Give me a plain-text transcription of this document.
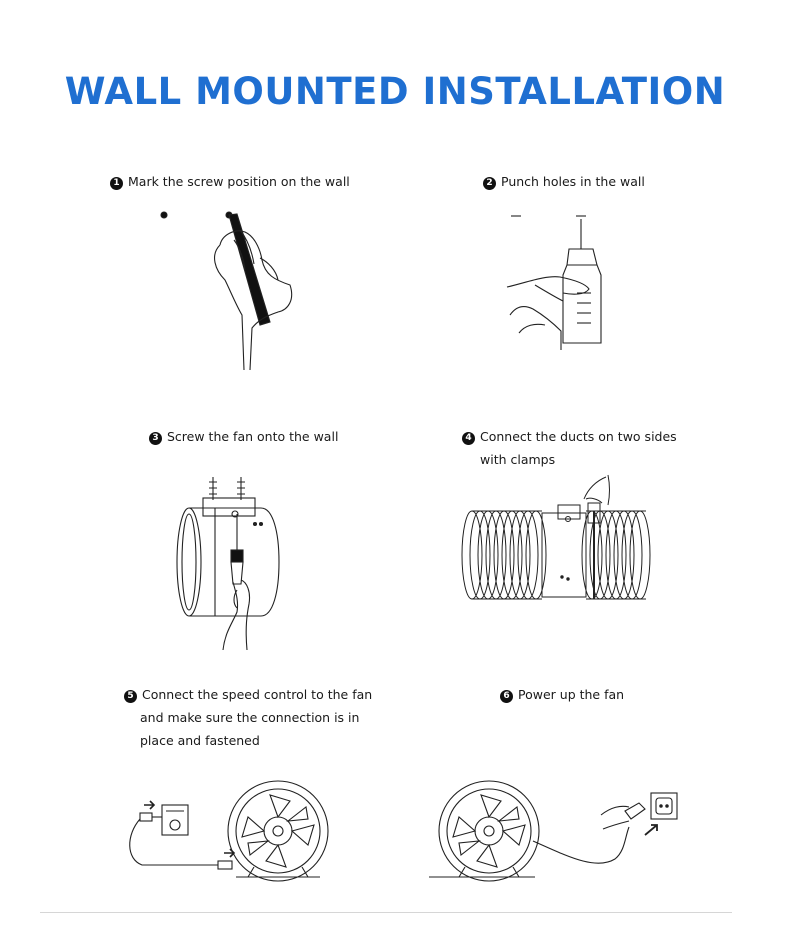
WALL MOUNTED INSTALLATION
1 Mark the screw position on the wall	2 Punch holes in the wall
3 Screw the fan onto the wall	4 Connect the ducts on two sides
with clamps
5 Connect the speed control to the fan
and make sure the connection is in
place and fastened
6 Power up the fan
